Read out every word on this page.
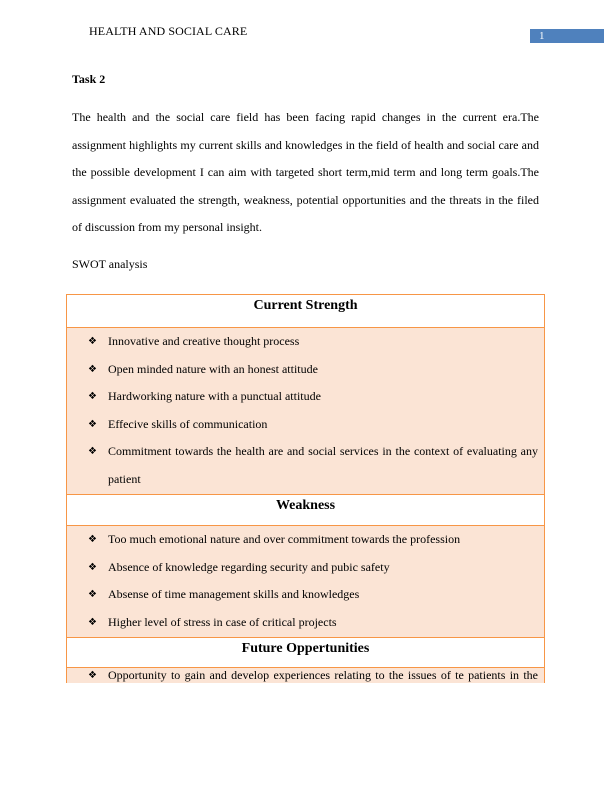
HEALTH AND SOCIAL CARE	1
Task 2

The health and the social care field has been facing rapid changes in the current era.The assignment highlights my current skills and knowledges in the field of health and social care and the possible development I can aim with targeted short term,mid term and long term goals.The assignment evaluated the strength, weakness, potential opportunities and the threats in the filed of discussion from my personal insight.

SWOT analysis
Current Strength
❖ Innovative and creative thought process
❖ Open minded nature with an honest attitude
❖ Hardworking nature with a punctual attitude
❖ Effecive skills of communication
❖ Commitment towards the health are and social services in the context of evaluating any patient
Weakness
❖ Too much emotional nature and over commitment towards the profession
❖ Absence of knowledge regarding security and pubic safety
❖ Absense of time management skills and knowledges
❖ Higher level of stress in case of critical projects
Future Oppertunities
❖ Opportunity to gain and develop experiences relating to the issues of te patients in the
